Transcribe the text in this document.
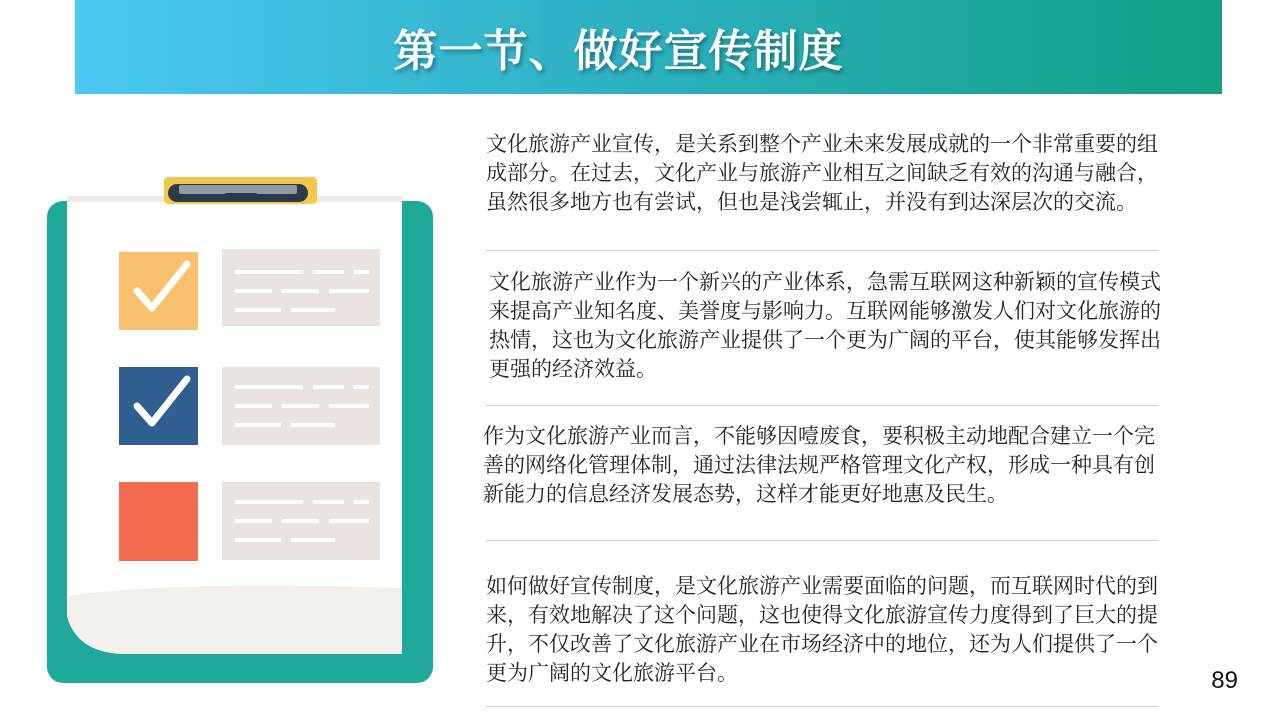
第一节、做好宣传制度

文化旅游产业宣传，是关系到整个产业未来发展成就的一个非常重要的组成部分。在过去，文化产业与旅游产业相互之间缺乏有效的沟通与融合，虽然很多地方也有尝试，但也是浅尝辄止，并没有到达深层次的交流。

文化旅游产业作为一个新兴的产业体系，急需互联网这种新颖的宣传模式来提高产业知名度、美誉度与影响力。互联网能够激发人们对文化旅游的热情，这也为文化旅游产业提供了一个更为广阔的平台，使其能够发挥出更强的经济效益。

作为文化旅游产业而言，不能够因噎废食，要积极主动地配合建立一个完善的网络化管理体制，通过法律法规严格管理文化产权，形成一种具有创新能力的信息经济发展态势，这样才能更好地惠及民生。

如何做好宣传制度，是文化旅游产业需要面临的问题，而互联网时代的到来，有效地解决了这个问题，这也使得文化旅游宣传力度得到了巨大的提升，不仅改善了文化旅游产业在市场经济中的地位，还为人们提供了一个更为广阔的文化旅游平台。	89
